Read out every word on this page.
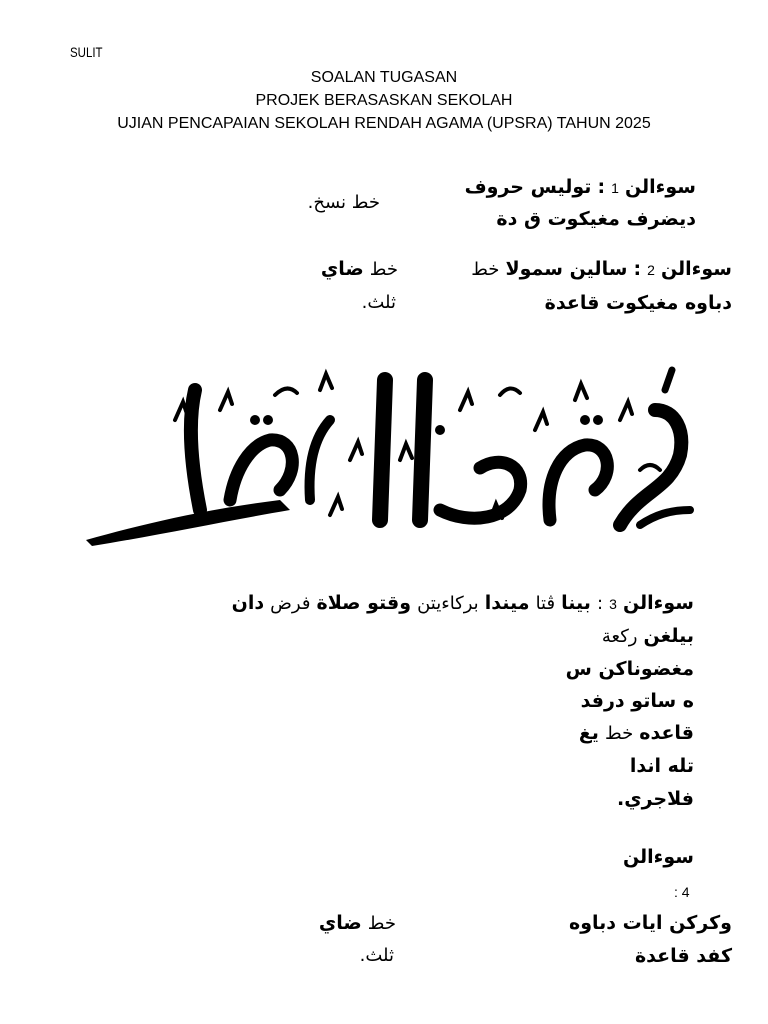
SULIT
SOALAN TUGASAN
PROJEK BERASASKAN SEKOLAH
UJIAN PENCAPAIAN SEKOLAH RENDAH AGAMA (UPSRA) TAHUN 2025
سوءالن 1 : توليس حروف
ديضرف مغيكوت ق دة
خط نسخ.
سوءالن 2 : سالين سمولا خط
دباوه مغيكوت قاعدة
خط ضاي
ثلث.
سوءالن 3 : بينا ڤتا ميندا بركاءيتن وقتو صلاة فرض دان
بيلغن ركعة
مغضوناكن س
ه ساتو درفد
قاعده خط يغ
تله اندا
فلاجري.
سوءالن
: 4
وكركن ايات دباوه
كفد قاعدة
خط ضاي
ثلث.
